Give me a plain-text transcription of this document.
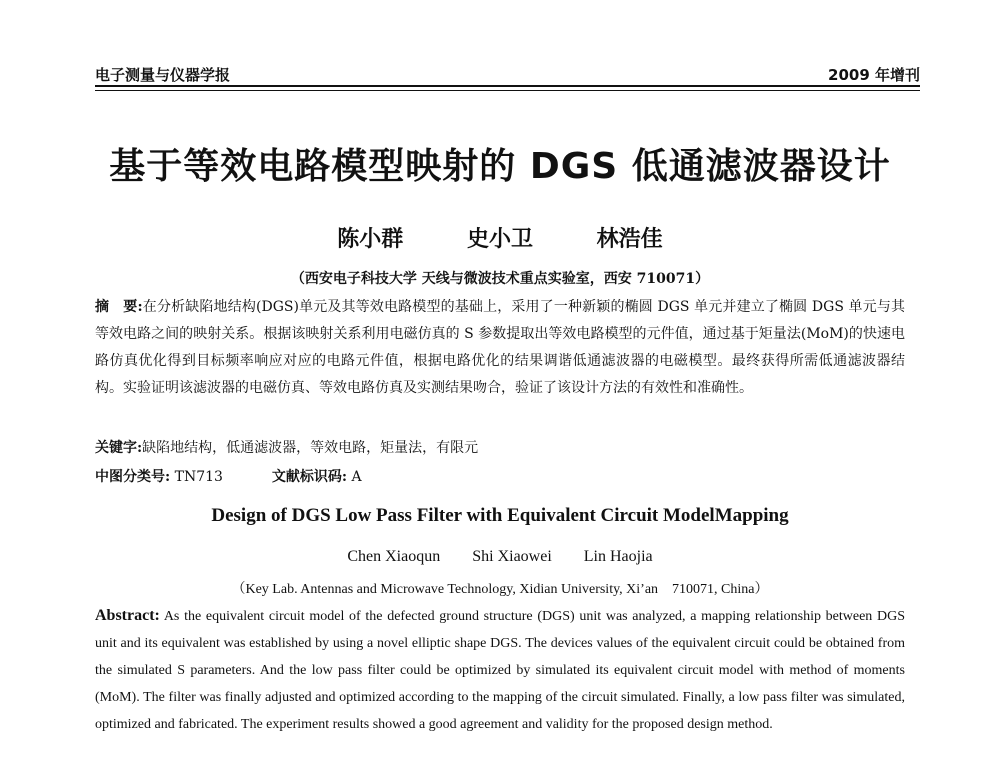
电子测量与仪器学报	2009 年增刊
基于等效电路模型映射的 DGS 低通滤波器设计
陈小群	史小卫	林浩佳
（西安电子科技大学 天线与微波技术重点实验室，西安 710071）
摘　要:在分析缺陷地结构(DGS)单元及其等效电路模型的基础上，采用了一种新颖的椭圆 DGS 单元并建立了椭圆 DGS 单元与其等效电路之间的映射关系。根据该映射关系利用电磁仿真的 S 参数提取出等效电路模型的元件值，通过基于矩量法(MoM)的快速电路仿真优化得到目标频率响应对应的电路元件值，根据电路优化的结果调谐低通滤波器的电磁模型。最终获得所需低通滤波器结构。实验证明该滤波器的电磁仿真、等效电路仿真及实测结果吻合，验证了该设计方法的有效性和准确性。
关键字:缺陷地结构，低通滤波器，等效电路，矩量法，有限元
中图分类号: TN713	文献标识码: A
Design of DGS Low Pass Filter with Equivalent Circuit ModelMapping
Chen Xiaoqun Shi Xiaowei Lin Haojia
（Key Lab. Antennas and Microwave Technology, Xidian University, Xi’an　710071, China）
Abstract: As the equivalent circuit model of the defected ground structure (DGS) unit was analyzed, a mapping relationship between DGS unit and its equivalent was established by using a novel elliptic shape DGS. The devices values of the equivalent circuit could be obtained from the simulated S parameters. And the low pass filter could be optimized by simulated its equivalent circuit model with method of moments (MoM). The filter was finally adjusted and optimized according to the mapping of the circuit simulated. Finally, a low pass filter was simulated, optimized and fabricated. The experiment results showed a good agreement and validity for the proposed design method.
